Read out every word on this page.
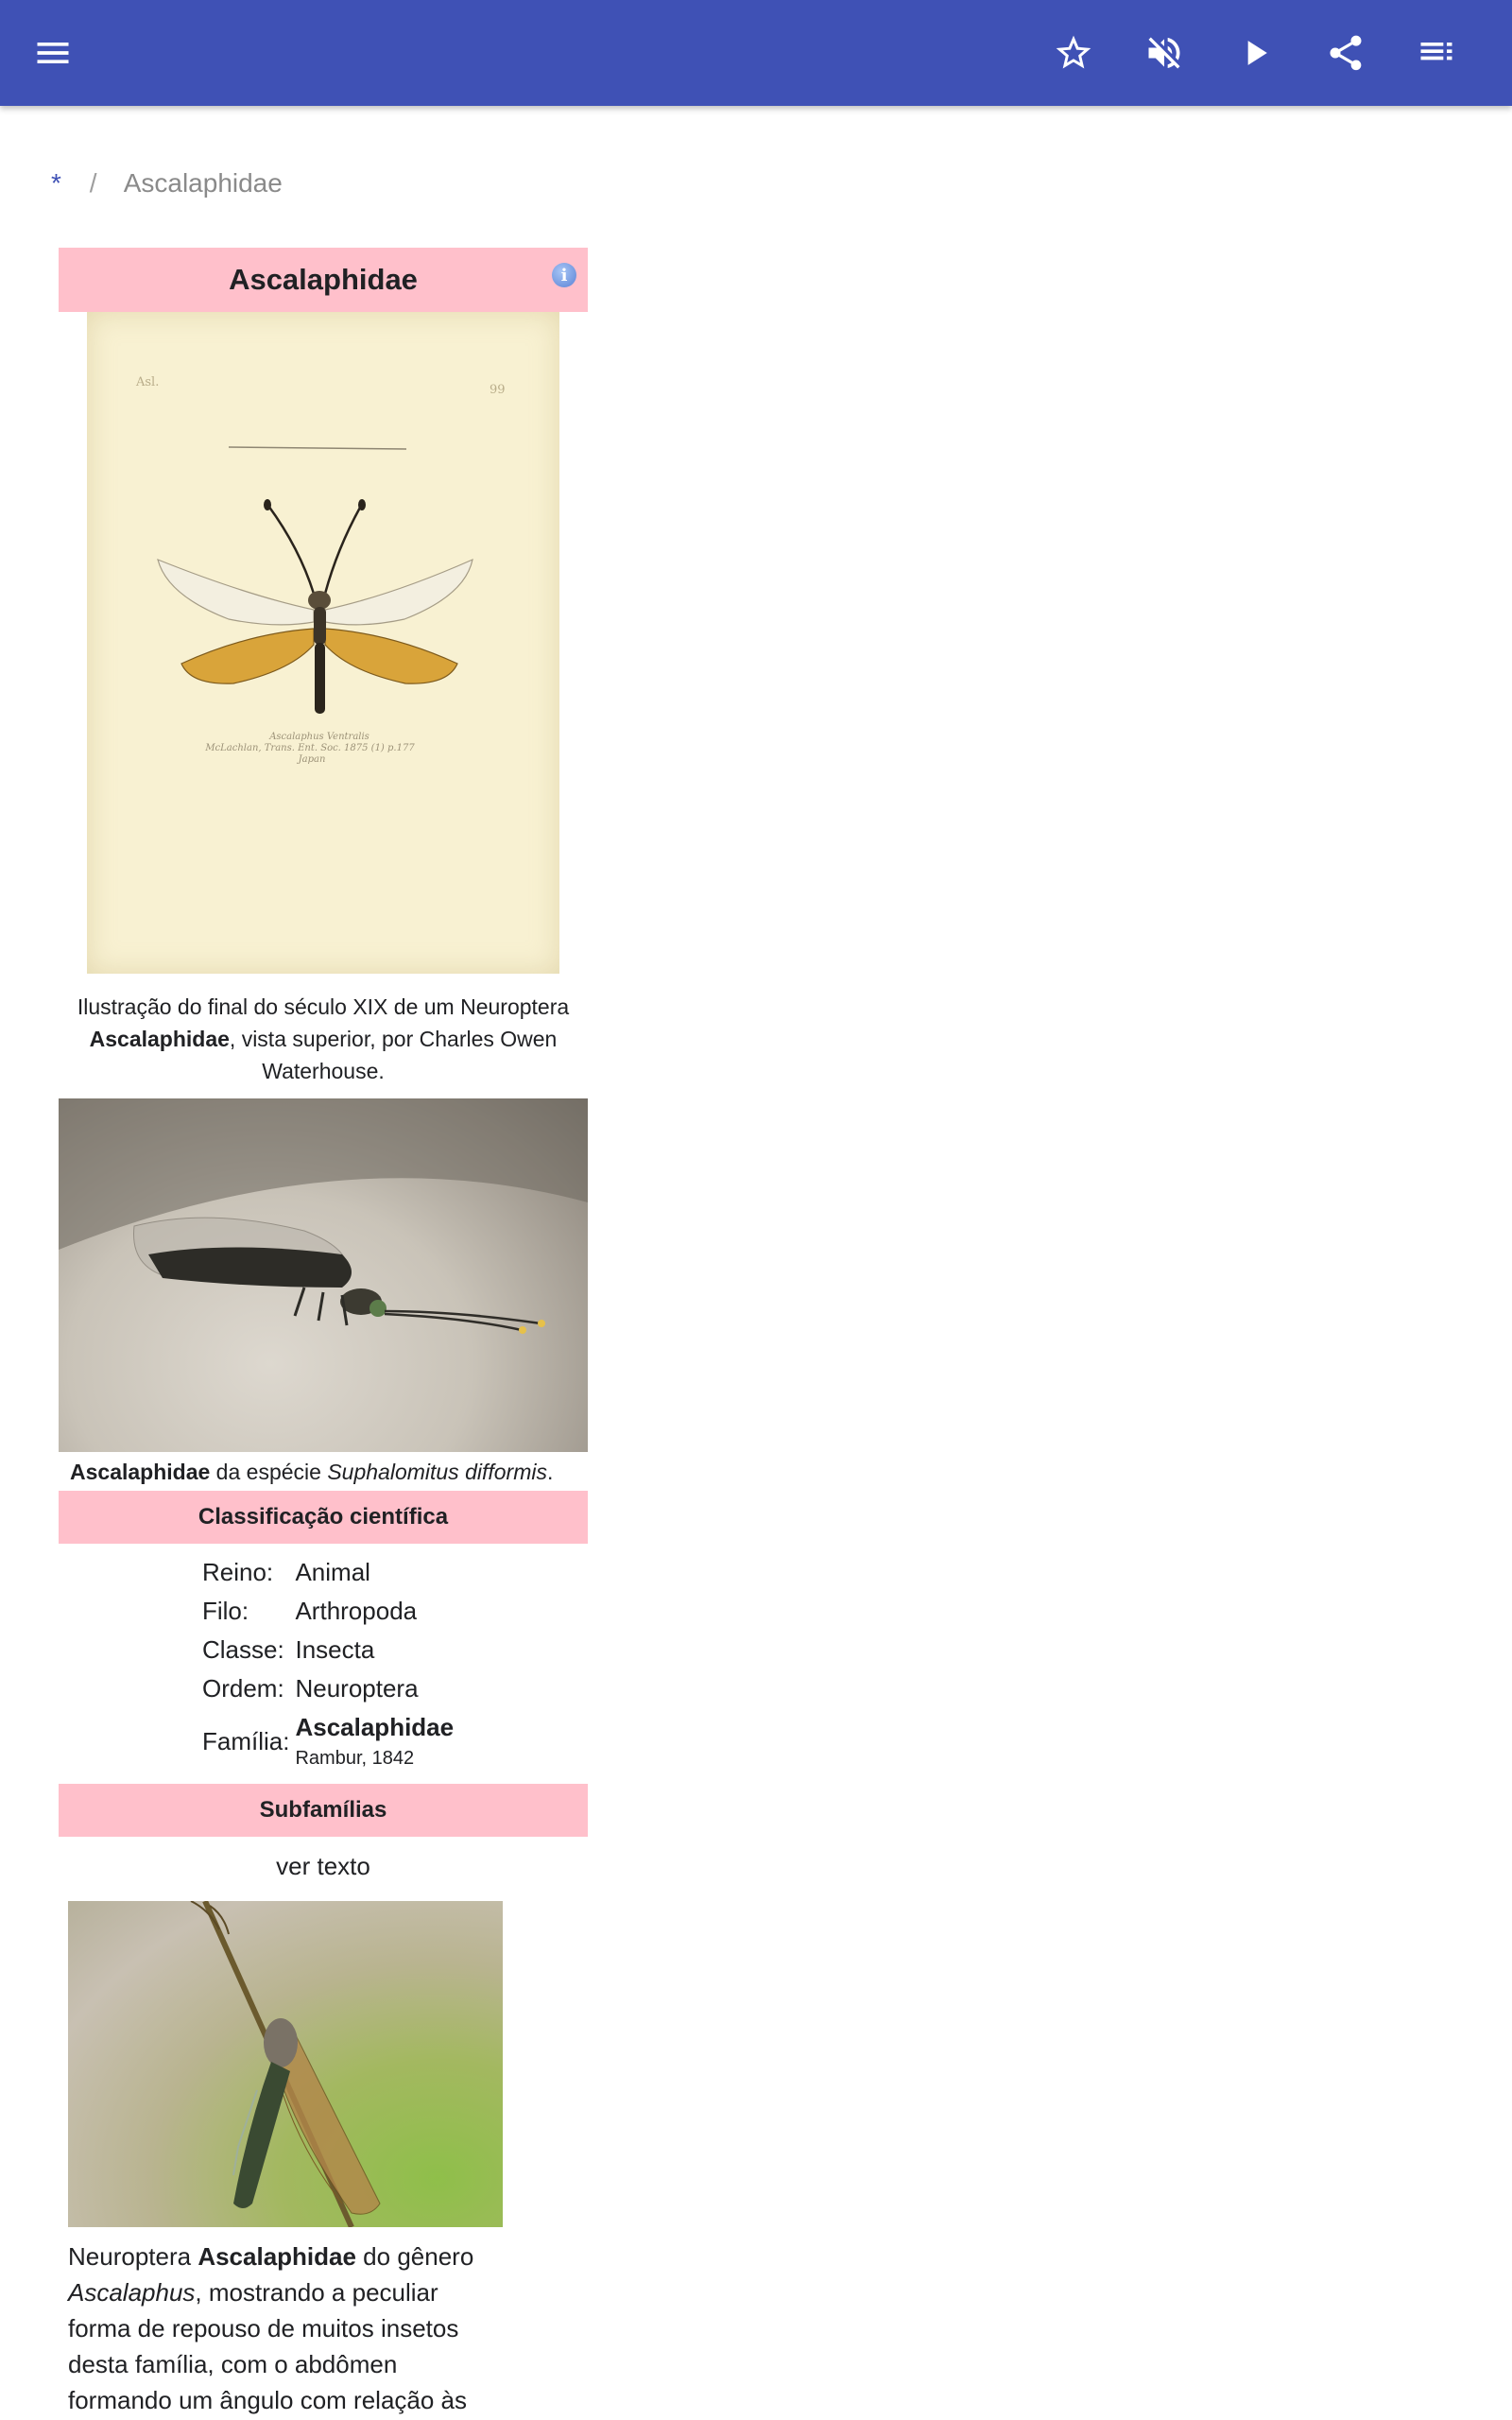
* / Ascalaphidae
Ascalaphidae	i
Asl.
99
Ascalaphus Ventralis
McLachlan, Trans. Ent. Soc. 1875 (1) p.177
Japan
Ilustração do final do século XIX de um Neuroptera Ascalaphidae, vista superior, por Charles Owen Waterhouse.
Ascalaphidae da espécie Suphalomitus difformis.
Classificação científica
Reino:	Animal
Filo:	Arthropoda
Classe:	Insecta
Ordem:	Neuroptera
Família:	Ascalaphidae
Rambur, 1842
Subfamílias
ver texto
Neuroptera Ascalaphidae do gênero Ascalaphus, mostrando a peculiar forma de repouso de muitos insetos desta família, com o abdômen formando um ângulo com relação às
